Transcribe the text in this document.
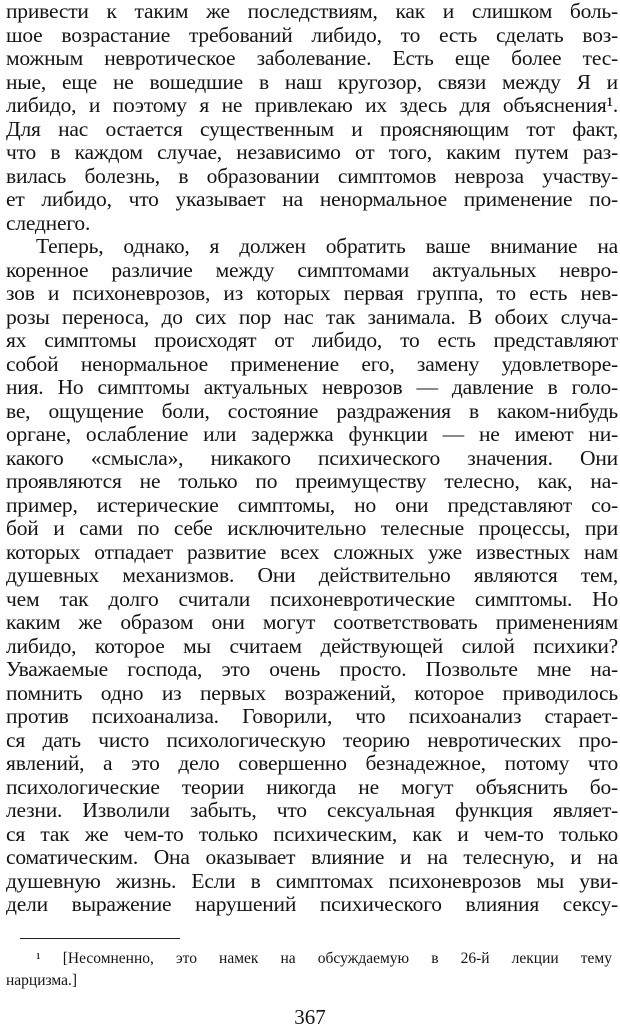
привести к таким же последствиям, как и слишком боль-
шое возрастание требований либидо, то есть сделать воз-
можным невротическое заболевание. Есть еще более тес-
ные, еще не вошедшие в наш кругозор, связи между Я и
либидо, и поэтому я не привлекаю их здесь для объяснения¹.
Для нас остается существенным и проясняющим тот факт,
что в каждом случае, независимо от того, каким путем раз-
вилась болезнь, в образовании симптомов невроза участву-
ет либидо, что указывает на ненормальное применение по-
следнего.
Теперь, однако, я должен обратить ваше внимание на
коренное различие между симптомами актуальных невро-
зов и психоневрозов, из которых первая группа, то есть нев-
розы переноса, до сих пор нас так занимала. В обоих случа-
ях симптомы происходят от либидо, то есть представляют
собой ненормальное применение его, замену удовлетворе-
ния. Но симптомы актуальных неврозов — давление в голо-
ве, ощущение боли, состояние раздражения в каком-нибудь
органе, ослабление или задержка функции — не имеют ни-
какого «смысла», никакого психического значения. Они
проявляются не только по преимуществу телесно, как, на-
пример, истерические симптомы, но они представляют со-
бой и сами по себе исключительно телесные процессы, при
которых отпадает развитие всех сложных уже известных нам
душевных механизмов. Они действительно являются тем,
чем так долго считали психоневротические симптомы. Но
каким же образом они могут соответствовать применениям
либидо, которое мы считаем действующей силой психики?
Уважаемые господа, это очень просто. Позвольте мне на-
помнить одно из первых возражений, которое приводилось
против психоанализа. Говорили, что психоанализ старает-
ся дать чисто психологическую теорию невротических про-
явлений, а это дело совершенно безнадежное, потому что
психологические теории никогда не могут объяснить бо-
лезни. Изволили забыть, что сексуальная функция являет-
ся так же чем-то только психическим, как и чем-то только
соматическим. Она оказывает влияние и на телесную, и на
душевную жизнь. Если в симптомах психоневрозов мы уви-
дели выражение нарушений психического влияния сексу-
¹ [Несомненно, это намек на обсуждаемую в 26-й лекции тему
нарцизма.]
367
